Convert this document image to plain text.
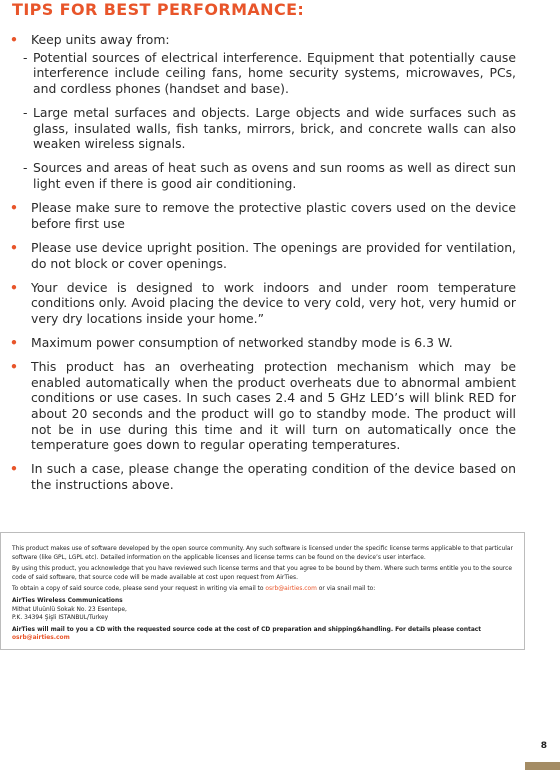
TIPS FOR BEST PERFORMANCE:
• Keep units away from:
- Potential sources of electrical interference. Equipment that potentially cause interference include ceiling fans, home security systems, microwaves, PCs, and cordless phones (handset and base).
- Large metal surfaces and objects. Large objects and wide surfaces such as glass, insulated walls, fish tanks, mirrors, brick, and concrete walls can also weaken wireless signals.
- Sources and areas of heat such as ovens and sun rooms as well as direct sun light even if there is good air conditioning.
• Please make sure to remove the protective plastic covers used on the device before first use
• Please use device upright position. The openings are provided for ventilation, do not block or cover openings.
• Your device is designed to work indoors and under room temperature conditions only. Avoid placing the device to very cold, very hot, very humid or very dry locations inside your home.”
• Maximum power consumption of networked standby mode is 6.3 W.
• This product has an overheating protection mechanism which may be enabled automatically when the product overheats due to abnormal ambient conditions or use cases. In such cases 2.4 and 5 GHz LED’s will blink RED for about 20 seconds and the product will go to standby mode. The product will not be in use during this time and it will turn on automatically once the temperature goes down to regular operating temperatures.
• In such a case, please change the operating condition of the device based on the instructions above.

This product makes use of software developed by the open source community. Any such software is licensed under the specific license terms applicable to that particular software (like GPL, LGPL etc). Detailed information on the applicable licenses and license terms can be found on the device’s user interface.

By using this product, you acknowledge that you have reviewed such license terms and that you agree to be bound by them. Where such terms entitle you to the source code of said software, that source code will be made available at cost upon request from AirTies.

To obtain a copy of said source code, please send your request in writing via email to osrb@airties.com or via snail mail to:

AirTies Wireless Communications
Mithat Uluünlü Sokak No. 23 Esentepe,
P.K. 34394 Şişli ISTANBUL/Turkey

AirTies will mail to you a CD with the requested source code at the cost of CD preparation and shipping&handling. For details please contact osrb@airties.com

8
